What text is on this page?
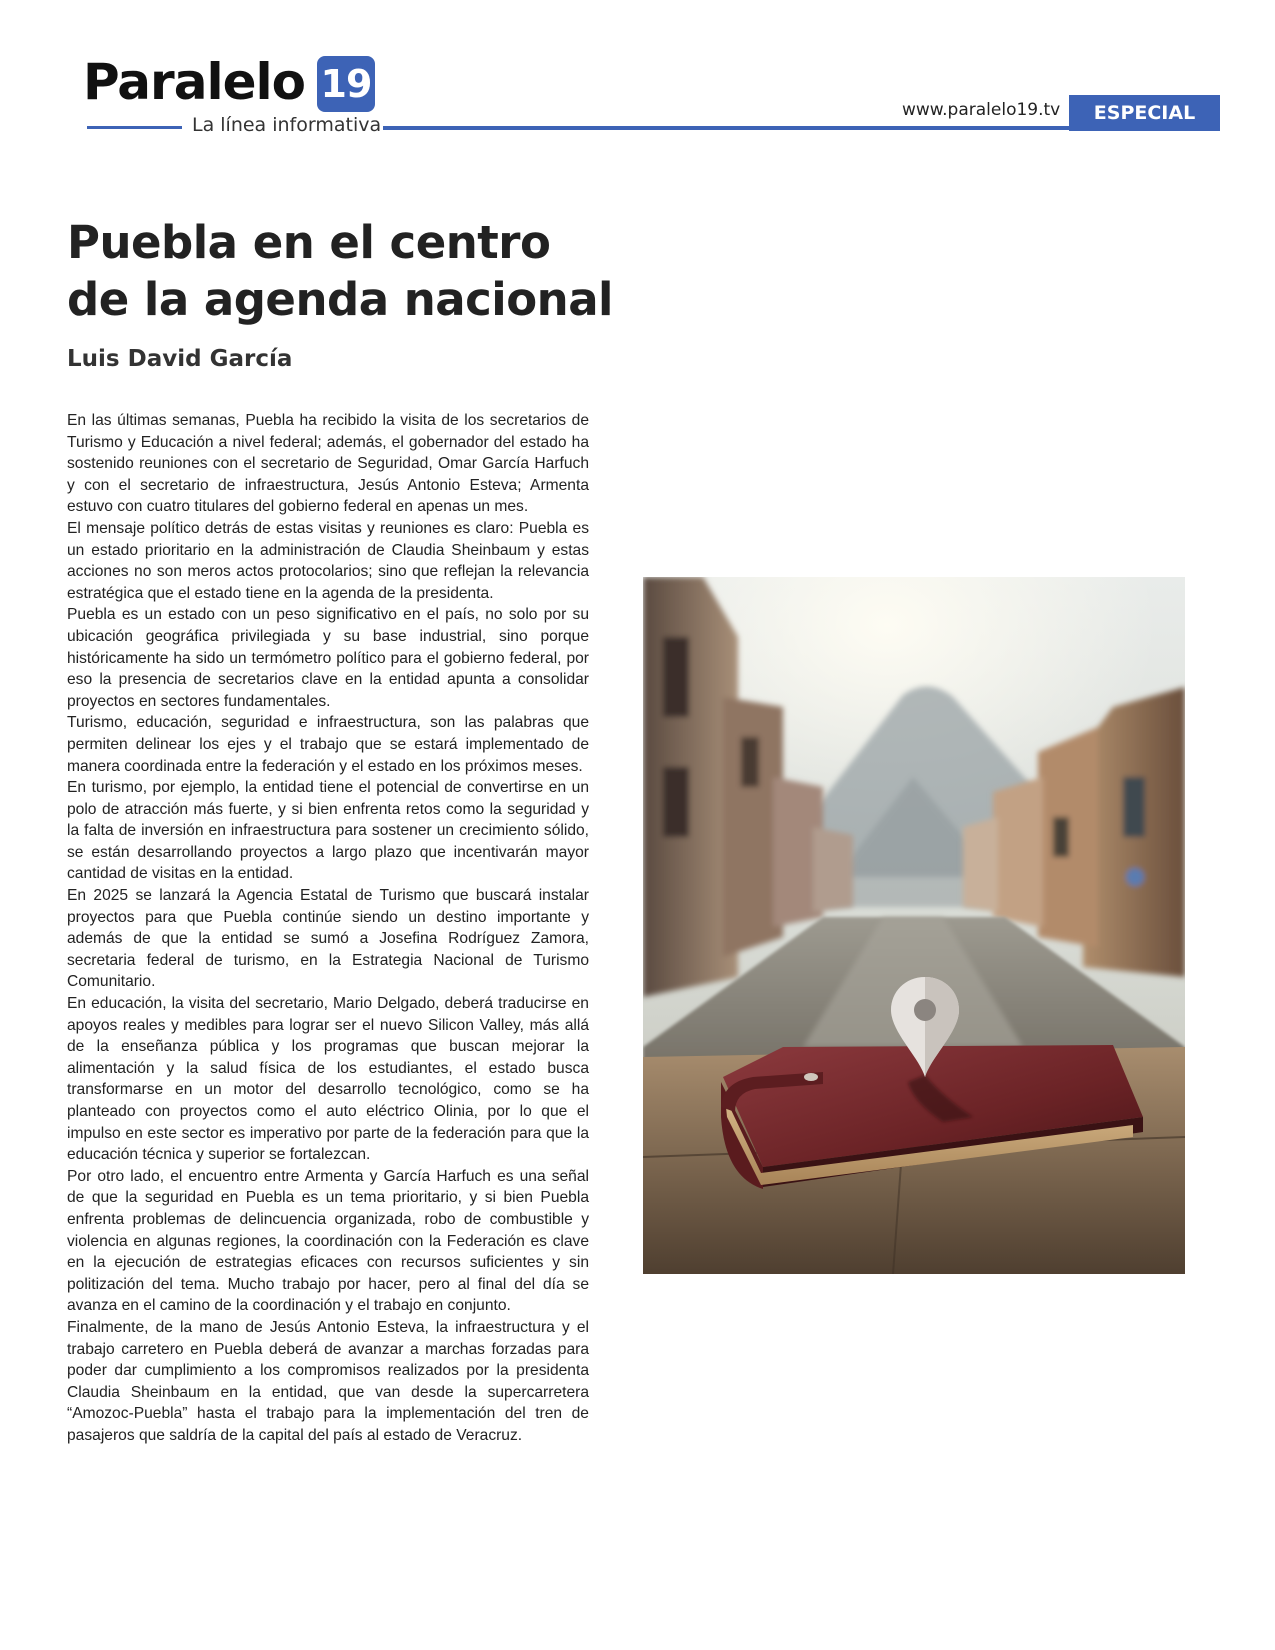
Paralelo 19
La línea informativa
www.paralelo19.tv	ESPECIAL
Puebla en el centro de la agenda nacional
Luis David García

En las últimas semanas, Puebla ha recibido la visita de los secretarios de Turismo y Educación a nivel federal; además, el gobernador del estado ha sostenido reuniones con el secretario de Seguridad, Omar García Harfuch y con el secretario de infraestructura, Jesús Antonio Esteva; Armenta estuvo con cuatro titulares del gobierno federal en apenas un mes.

El mensaje político detrás de estas visitas y reuniones es claro: Puebla es un estado prioritario en la administración de Claudia Sheinbaum y estas acciones no son meros actos protocolarios; sino que reflejan la relevancia estratégica que el estado tiene en la agenda de la presidenta.

Puebla es un estado con un peso significativo en el país, no solo por su ubicación geográfica privilegiada y su base industrial, sino porque históricamente ha sido un termómetro político para el gobierno federal, por eso la presencia de secretarios clave en la entidad apunta a consolidar proyectos en sectores fundamentales.

Turismo, educación, seguridad e infraestructura, son las palabras que permiten delinear los ejes y el trabajo que se estará implementado de manera coordinada entre la federación y el estado en los próximos meses.

En turismo, por ejemplo, la entidad tiene el potencial de convertirse en un polo de atracción más fuerte, y si bien enfrenta retos como la seguridad y la falta de inversión en infraestructura para sostener un crecimiento sólido, se están desarrollando proyectos a largo plazo que incentivarán mayor cantidad de visitas en la entidad.

En 2025 se lanzará la Agencia Estatal de Turismo que buscará instalar proyectos para que Puebla continúe siendo un destino importante y además de que la entidad se sumó a Josefina Rodríguez Zamora, secretaria federal de turismo, en la Estrategia Nacional de Turismo Comunitario.

En educación, la visita del secretario, Mario Delgado, deberá traducirse en apoyos reales y medibles para lograr ser el nuevo Silicon Valley, más allá de la enseñanza pública y los programas que buscan mejorar la alimentación y la salud física de los estudiantes, el estado busca transformarse en un motor del desarrollo tecnológico, como se ha planteado con proyectos como el auto eléctrico Olinia, por lo que el impulso en este sector es imperativo por parte de la federación para que la educación técnica y superior se fortalezcan.

Por otro lado, el encuentro entre Armenta y García Harfuch es una señal de que la seguridad en Puebla es un tema prioritario, y si bien Puebla enfrenta problemas de delincuencia organizada, robo de combustible y violencia en algunas regiones, la coordinación con la Federación es clave en la ejecución de estrategias eficaces con recursos suficientes y sin politización del tema. Mucho trabajo por hacer, pero al final del día se avanza en el camino de la coordinación y el trabajo en conjunto.

Finalmente, de la mano de Jesús Antonio Esteva, la infraestructura y el trabajo carretero en Puebla deberá de avanzar a marchas forzadas para poder dar cumplimiento a los compromisos realizados por la presidenta Claudia Sheinbaum en la entidad, que van desde la supercarretera “Amozoc-Puebla” hasta el trabajo para la implementación del tren de pasajeros que saldría de la capital del país al estado de Veracruz.
